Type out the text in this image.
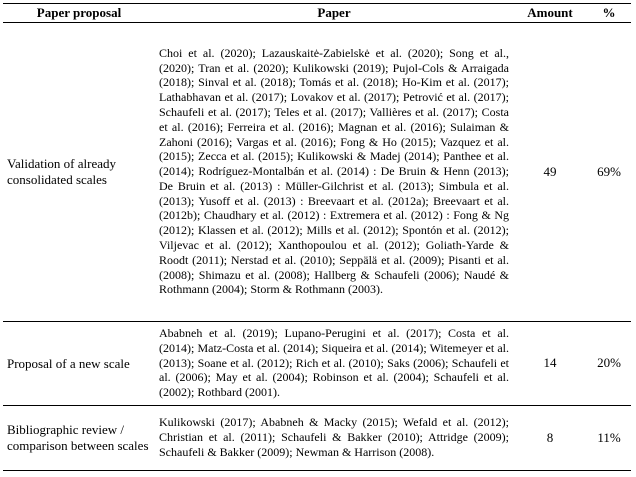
Paper proposal	Paper	Amount	%
Validation of already consolidated scales	Choi et al. (2020); Lazauskaitė-Zabielskė et al. (2020); Song et al., (2020); Tran et al. (2020); Kulikowski (2019); Pujol-Cols & Arraigada (2018); Sinval et al. (2018); Tomás et al. (2018); Ho-Kim et al. (2017); Lathabhavan et al. (2017); Lovakov et al. (2017); Petrović et al. (2017); Schaufeli et al. (2017); Teles et al. (2017); Vallières et al. (2017); Costa et al. (2016); Ferreira et al. (2016); Magnan et al. (2016); Sulaiman & Zahoni (2016); Vargas et al. (2016); Fong & Ho (2015); Vazquez et al. (2015); Zecca et al. (2015); Kulikowski & Madej (2014); Panthee et al. (2014); Rodríguez-Montalbán et al. (2014) : De Bruin & Henn (2013); De Bruin et al. (2013) : Müller-Gilchrist et al. (2013); Simbula et al. (2013); Yusoff et al. (2013) : Breevaart et al. (2012a); Breevaart et al. (2012b); Chaudhary et al. (2012) : Extremera et al. (2012) : Fong & Ng (2012); Klassen et al. (2012); Mills et al. (2012); Spontón et al. (2012); Viljevac et al. (2012); Xanthopoulou et al. (2012); Goliath-Yarde & Roodt (2011); Nerstad et al. (2010); Seppälä et al. (2009); Pisanti et al. (2008); Shimazu et al. (2008); Hallberg & Schaufeli (2006); Naudé & Rothmann (2004); Storm & Rothmann (2003).	49	69%
Proposal of a new scale	Ababneh et al. (2019); Lupano-Perugini et al. (2017); Costa et al. (2014); Matz-Costa et al. (2014); Siqueira et al. (2014); Witemeyer et al. (2013); Soane et al. (2012); Rich et al. (2010); Saks (2006); Schaufeli et al. (2006); May et al. (2004); Robinson et al. (2004); Schaufeli et al. (2002); Rothbard (2001).	14	20%
Bibliographic review / comparison between scales	Kulikowski (2017); Ababneh & Macky (2015); Wefald et al. (2012); Christian et al. (2011); Schaufeli & Bakker (2010); Attridge (2009); Schaufeli & Bakker (2009); Newman & Harrison (2008).	8	11%
